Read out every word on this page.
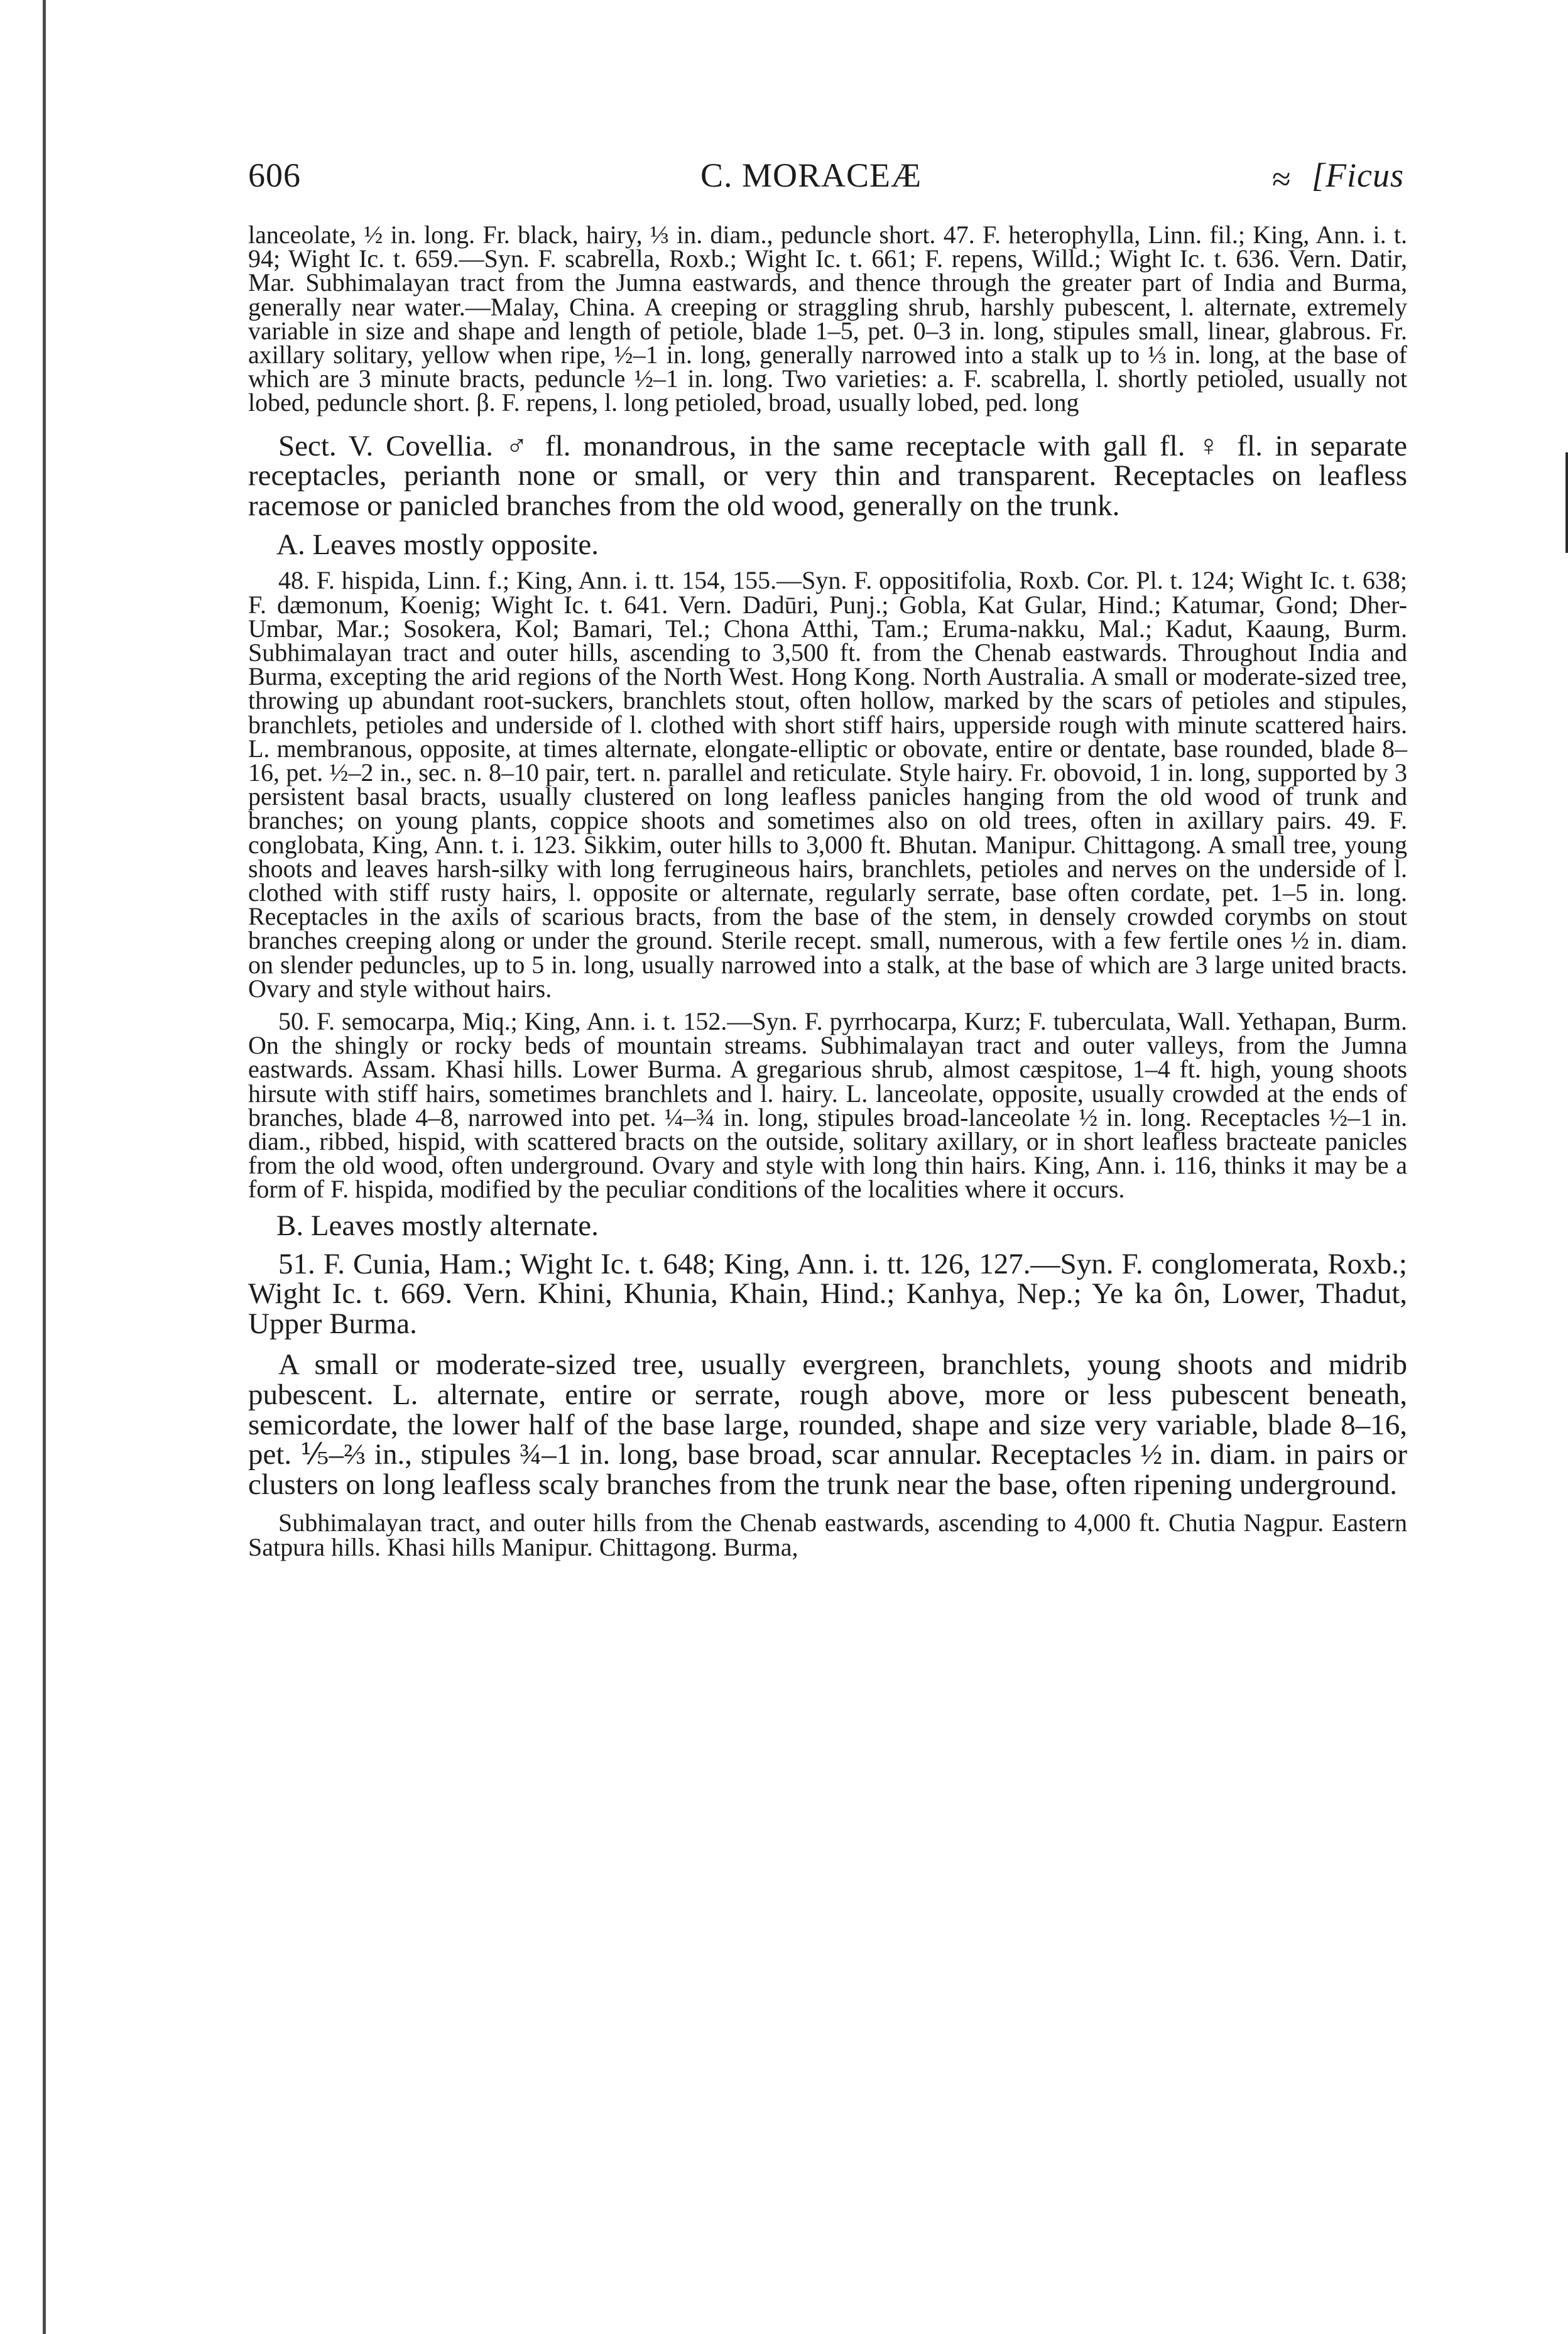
606	C. MORACEÆ	≈ [Ficus

lanceolate, ½ in. long. Fr. black, hairy, ⅓ in. diam., peduncle short. 47. F. heterophylla, Linn. fil.; King, Ann. i. t. 94; Wight Ic. t. 659.—Syn. F. scabrella, Roxb.; Wight Ic. t. 661; F. repens, Willd.; Wight Ic. t. 636. Vern. Datir, Mar. Subhimalayan tract from the Jumna eastwards, and thence through the greater part of India and Burma, generally near water.—Malay, China. A creeping or straggling shrub, harshly pubescent, l. alternate, extremely variable in size and shape and length of petiole, blade 1–5, pet. 0–3 in. long, stipules small, linear, glabrous. Fr. axillary solitary, yellow when ripe, ½–1 in. long, generally narrowed into a stalk up to ⅓ in. long, at the base of which are 3 minute bracts, peduncle ½–1 in. long. Two varieties: a. F. scabrella, l. shortly petioled, usually not lobed, peduncle short. β. F. repens, l. long petioled, broad, usually lobed, ped. long

Sect. V. Covellia. ♂ fl. monandrous, in the same receptacle with gall fl. ♀ fl. in separate receptacles, perianth none or small, or very thin and transparent. Receptacles on leafless racemose or panicled branches from the old wood, generally on the trunk.

A. Leaves mostly opposite.

48. F. hispida, Linn. f.; King, Ann. i. tt. 154, 155.—Syn. F. oppositifolia, Roxb. Cor. Pl. t. 124; Wight Ic. t. 638; F. dæmonum, Koenig; Wight Ic. t. 641. Vern. Dadūri, Punj.; Gobla, Kat Gular, Hind.; Katumar, Gond; Dher-Umbar, Mar.; Sosokera, Kol; Bamari, Tel.; Chona Atthi, Tam.; Eruma-nakku, Mal.; Kadut, Kaaung, Burm. Subhimalayan tract and outer hills, ascending to 3,500 ft. from the Chenab eastwards. Throughout India and Burma, excepting the arid regions of the North West. Hong Kong. North Australia. A small or moderate-sized tree, throwing up abundant root-suckers, branchlets stout, often hollow, marked by the scars of petioles and stipules, branchlets, petioles and underside of l. clothed with short stiff hairs, upperside rough with minute scattered hairs. L. membranous, opposite, at times alternate, elongate-elliptic or obovate, entire or dentate, base rounded, blade 8–16, pet. ½–2 in., sec. n. 8–10 pair, tert. n. parallel and reticulate. Style hairy. Fr. obovoid, 1 in. long, supported by 3 persistent basal bracts, usually clustered on long leafless panicles hanging from the old wood of trunk and branches; on young plants, coppice shoots and sometimes also on old trees, often in axillary pairs. 49. F. conglobata, King, Ann. t. i. 123. Sikkim, outer hills to 3,000 ft. Bhutan. Manipur. Chittagong. A small tree, young shoots and leaves harsh-silky with long ferrugineous hairs, branchlets, petioles and nerves on the underside of l. clothed with stiff rusty hairs, l. opposite or alternate, regularly serrate, base often cordate, pet. 1–5 in. long. Receptacles in the axils of scarious bracts, from the base of the stem, in densely crowded corymbs on stout branches creeping along or under the ground. Sterile recept. small, numerous, with a few fertile ones ½ in. diam. on slender peduncles, up to 5 in. long, usually narrowed into a stalk, at the base of which are 3 large united bracts. Ovary and style without hairs.

50. F. semocarpa, Miq.; King, Ann. i. t. 152.—Syn. F. pyrrhocarpa, Kurz; F. tuberculata, Wall. Yethapan, Burm. On the shingly or rocky beds of mountain streams. Subhimalayan tract and outer valleys, from the Jumna eastwards. Assam. Khasi hills. Lower Burma. A gregarious shrub, almost cæspitose, 1–4 ft. high, young shoots hirsute with stiff hairs, sometimes branchlets and l. hairy. L. lanceolate, opposite, usually crowded at the ends of branches, blade 4–8, narrowed into pet. ¼–¾ in. long, stipules broad-lanceolate ½ in. long. Receptacles ½–1 in. diam., ribbed, hispid, with scattered bracts on the outside, solitary axillary, or in short leafless bracteate panicles from the old wood, often underground. Ovary and style with long thin hairs. King, Ann. i. 116, thinks it may be a form of F. hispida, modified by the peculiar conditions of the localities where it occurs.

B. Leaves mostly alternate.

51. F. Cunia, Ham.; Wight Ic. t. 648; King, Ann. i. tt. 126, 127.—Syn. F. conglomerata, Roxb.; Wight Ic. t. 669. Vern. Khini, Khunia, Khain, Hind.; Kanhya, Nep.; Ye ka ôn, Lower, Thadut, Upper Burma.

A small or moderate-sized tree, usually evergreen, branchlets, young shoots and midrib pubescent. L. alternate, entire or serrate, rough above, more or less pubescent beneath, semicordate, the lower half of the base large, rounded, shape and size very variable, blade 8–16, pet. ⅕–⅔ in., stipules ¾–1 in. long, base broad, scar annular. Receptacles ½ in. diam. in pairs or clusters on long leafless scaly branches from the trunk near the base, often ripening underground.

Subhimalayan tract, and outer hills from the Chenab eastwards, ascending to 4,000 ft. Chutia Nagpur. Eastern Satpura hills. Khasi hills Manipur. Chittagong. Burma,
